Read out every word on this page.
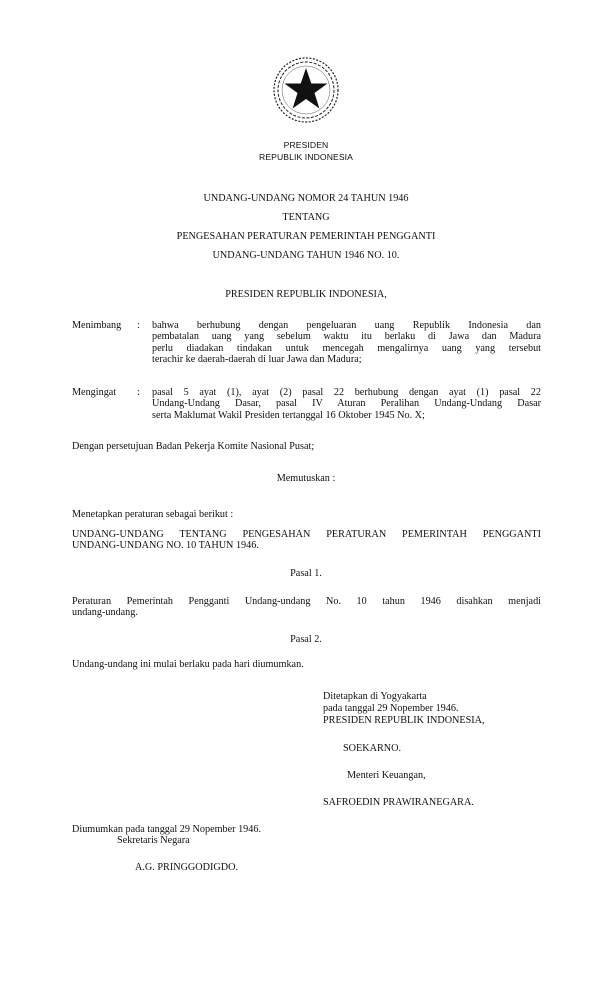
PRESIDEN
REPUBLIK INDONESIA
UNDANG-UNDANG NOMOR 24 TAHUN 1946
TENTANG
PENGESAHAN PERATURAN PEMERINTAH PENGGANTI
UNDANG-UNDANG TAHUN 1946 NO. 10.
PRESIDEN REPUBLIK INDONESIA,
Menimbang : bahwa berhubung dengan pengeluaran uang Republik Indonesia dan
pembatalan uang yang sebelum waktu itu berlaku di Jawa dan Madura
perlu diadakan tindakan untuk mencegah mengalirnya uang yang tersebut
terachir ke daerah-daerah di luar Jawa dan Madura;
Mengingat : pasal 5 ayat (1), ayat (2) pasal 22 berhubung dengan ayat (1) pasal 22
Undang-Undang Dasar, pasal IV Aturan Peralihan Undang-Undang Dasar
serta Maklumat Wakil Presiden tertanggal 16 Oktober 1945 No. X;
Dengan persetujuan Badan Pekerja Komite Nasional Pusat;
Memutuskan :
Menetapkan peraturan sebagai berikut :
UNDANG-UNDANG TENTANG PENGESAHAN PERATURAN PEMERINTAH PENGGANTI
UNDANG-UNDANG NO. 10 TAHUN 1946.
Pasal 1.
Peraturan Pemerintah Pengganti Undang-undang No. 10 tahun 1946 disahkan menjadi
undang-undang.
Pasal 2.
Undang-undang ini mulai berlaku pada hari diumumkan.
Ditetapkan di Yogyakarta
pada tanggal 29 Nopember 1946.
PRESIDEN REPUBLIK INDONESIA,
SOEKARNO.
Menteri Keuangan,
SAFROEDIN PRAWIRANEGARA.
Diumumkan pada tanggal 29 Nopember 1946.
Sekretaris Negara
A.G. PRINGGODIGDO.
